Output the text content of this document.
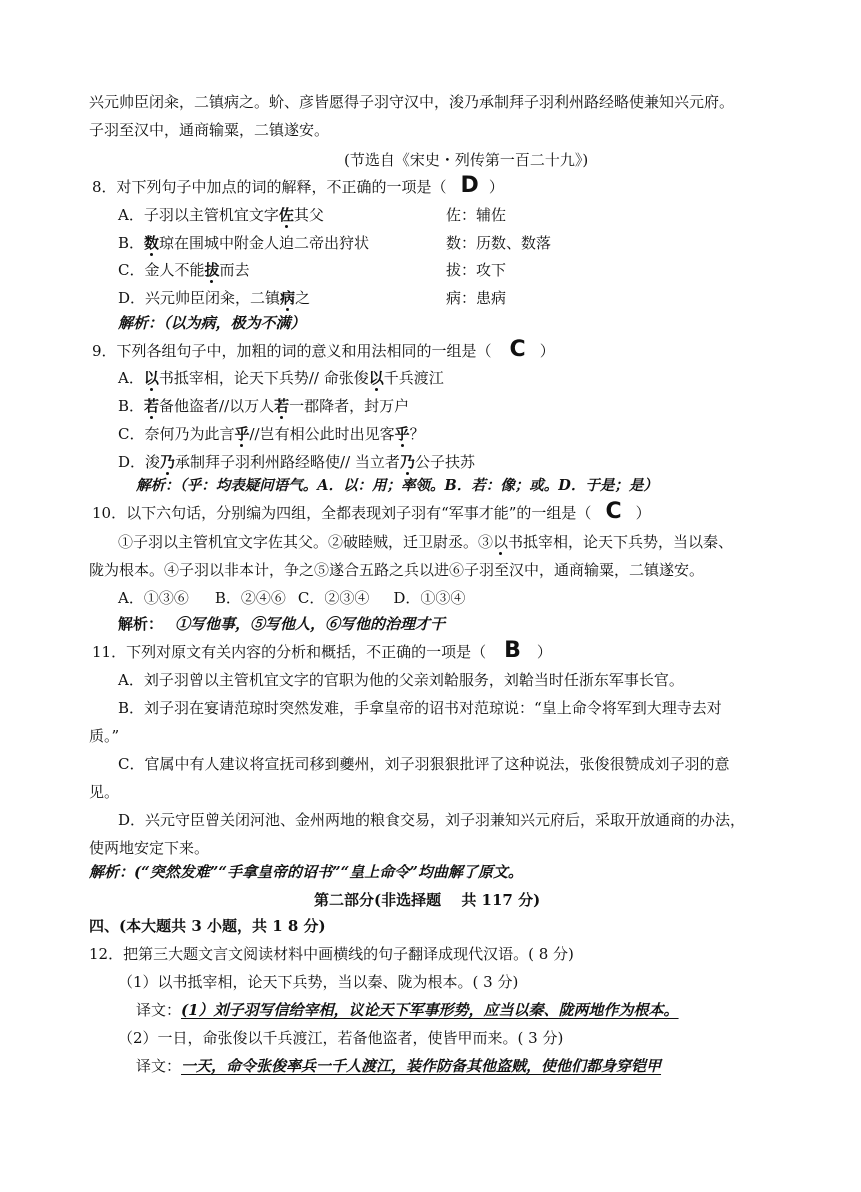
兴元帅臣闭籴，二镇病之。蚧、彦皆愿得子羽守汉中，浚乃承制拜子羽利州路经略使兼知兴元府。
子羽至汉中，通商输粟，二镇遂安。
(节选自《宋史・列传第一百二十九》)
8．对下列句子中加点的词的解释，不正确的一项是（ D ）
A．子羽以主管机宜文字佐其父	佐：辅佐
B．数琼在围城中附金人迫二帝出狩状	数：历数、数落
C．金人不能拔而去	拔：攻下
D．兴元帅臣闭籴，二镇病之	病：患病
解析：（以为病，极为不满）
9．下列各组句子中，加粗的词的意义和用法相同的一组是（ C ）
A．以书抵宰相，论天下兵势// 命张俊以千兵渡江
B．若备他盗者//以万人若一郡降者，封万户
C．奈何乃为此言乎//岂有相公此时出见客乎？
D．浚乃承制拜子羽利州路经略使// 当立者乃公子扶苏
解析：（乎：均表疑问语气。A．以：用；率领。B．若：像；或。D．于是；是）
10．以下六句话，分别编为四组，全都表现刘子羽有“军事才能”的一组是（ C ）
①子羽以主管机宜文字佐其父。②破睦贼，迁卫尉丞。③以书抵宰相，论天下兵势，当以秦、
陇为根本。④子羽以非本计，争之⑤遂合五路之兵以进⑥子羽至汉中，通商输粟，二镇遂安。
A．①③⑥ B．②④⑥ C．②③④ D．①③④
解析： ①写他事，⑤写他人，⑥写他的治理才干
11．下列对原文有关内容的分析和概括，不正确的一项是（ B ）
A．刘子羽曾以主管机宜文字的官职为他的父亲刘韐服务，刘韐当时任浙东军事长官。
B．刘子羽在宴请范琼时突然发难，手拿皇帝的诏书对范琼说：“皇上命令将军到大理寺去对
质。”
C．官属中有人建议将宣抚司移到夔州，刘子羽狠狠批评了这种说法，张俊很赞成刘子羽的意
见。
D．兴元守臣曾关闭河池、金州两地的粮食交易，刘子羽兼知兴元府后，采取开放通商的办法，
使两地安定下来。
解析：(“突然发难”“手拿皇帝的诏书”“皇上命令”均曲解了原文。
第二部分(非选择题　 共 117 分)
四、(本大题共 3 小题，共 1 8 分)
12．把第三大题文言文阅读材料中画横线的句子翻译成现代汉语。( 8 分)
（1）以书抵宰相，论天下兵势，当以秦、陇为根本。( 3 分)
译文：(1）刘子羽写信给宰相，议论天下军事形势，应当以秦、陇两地作为根本。
（2）一日，命张俊以千兵渡江，若备他盗者，使皆甲而来。( 3 分)
译文：一天，命令张俊率兵一千人渡江，装作防备其他盗贼，使他们都身穿铠甲
